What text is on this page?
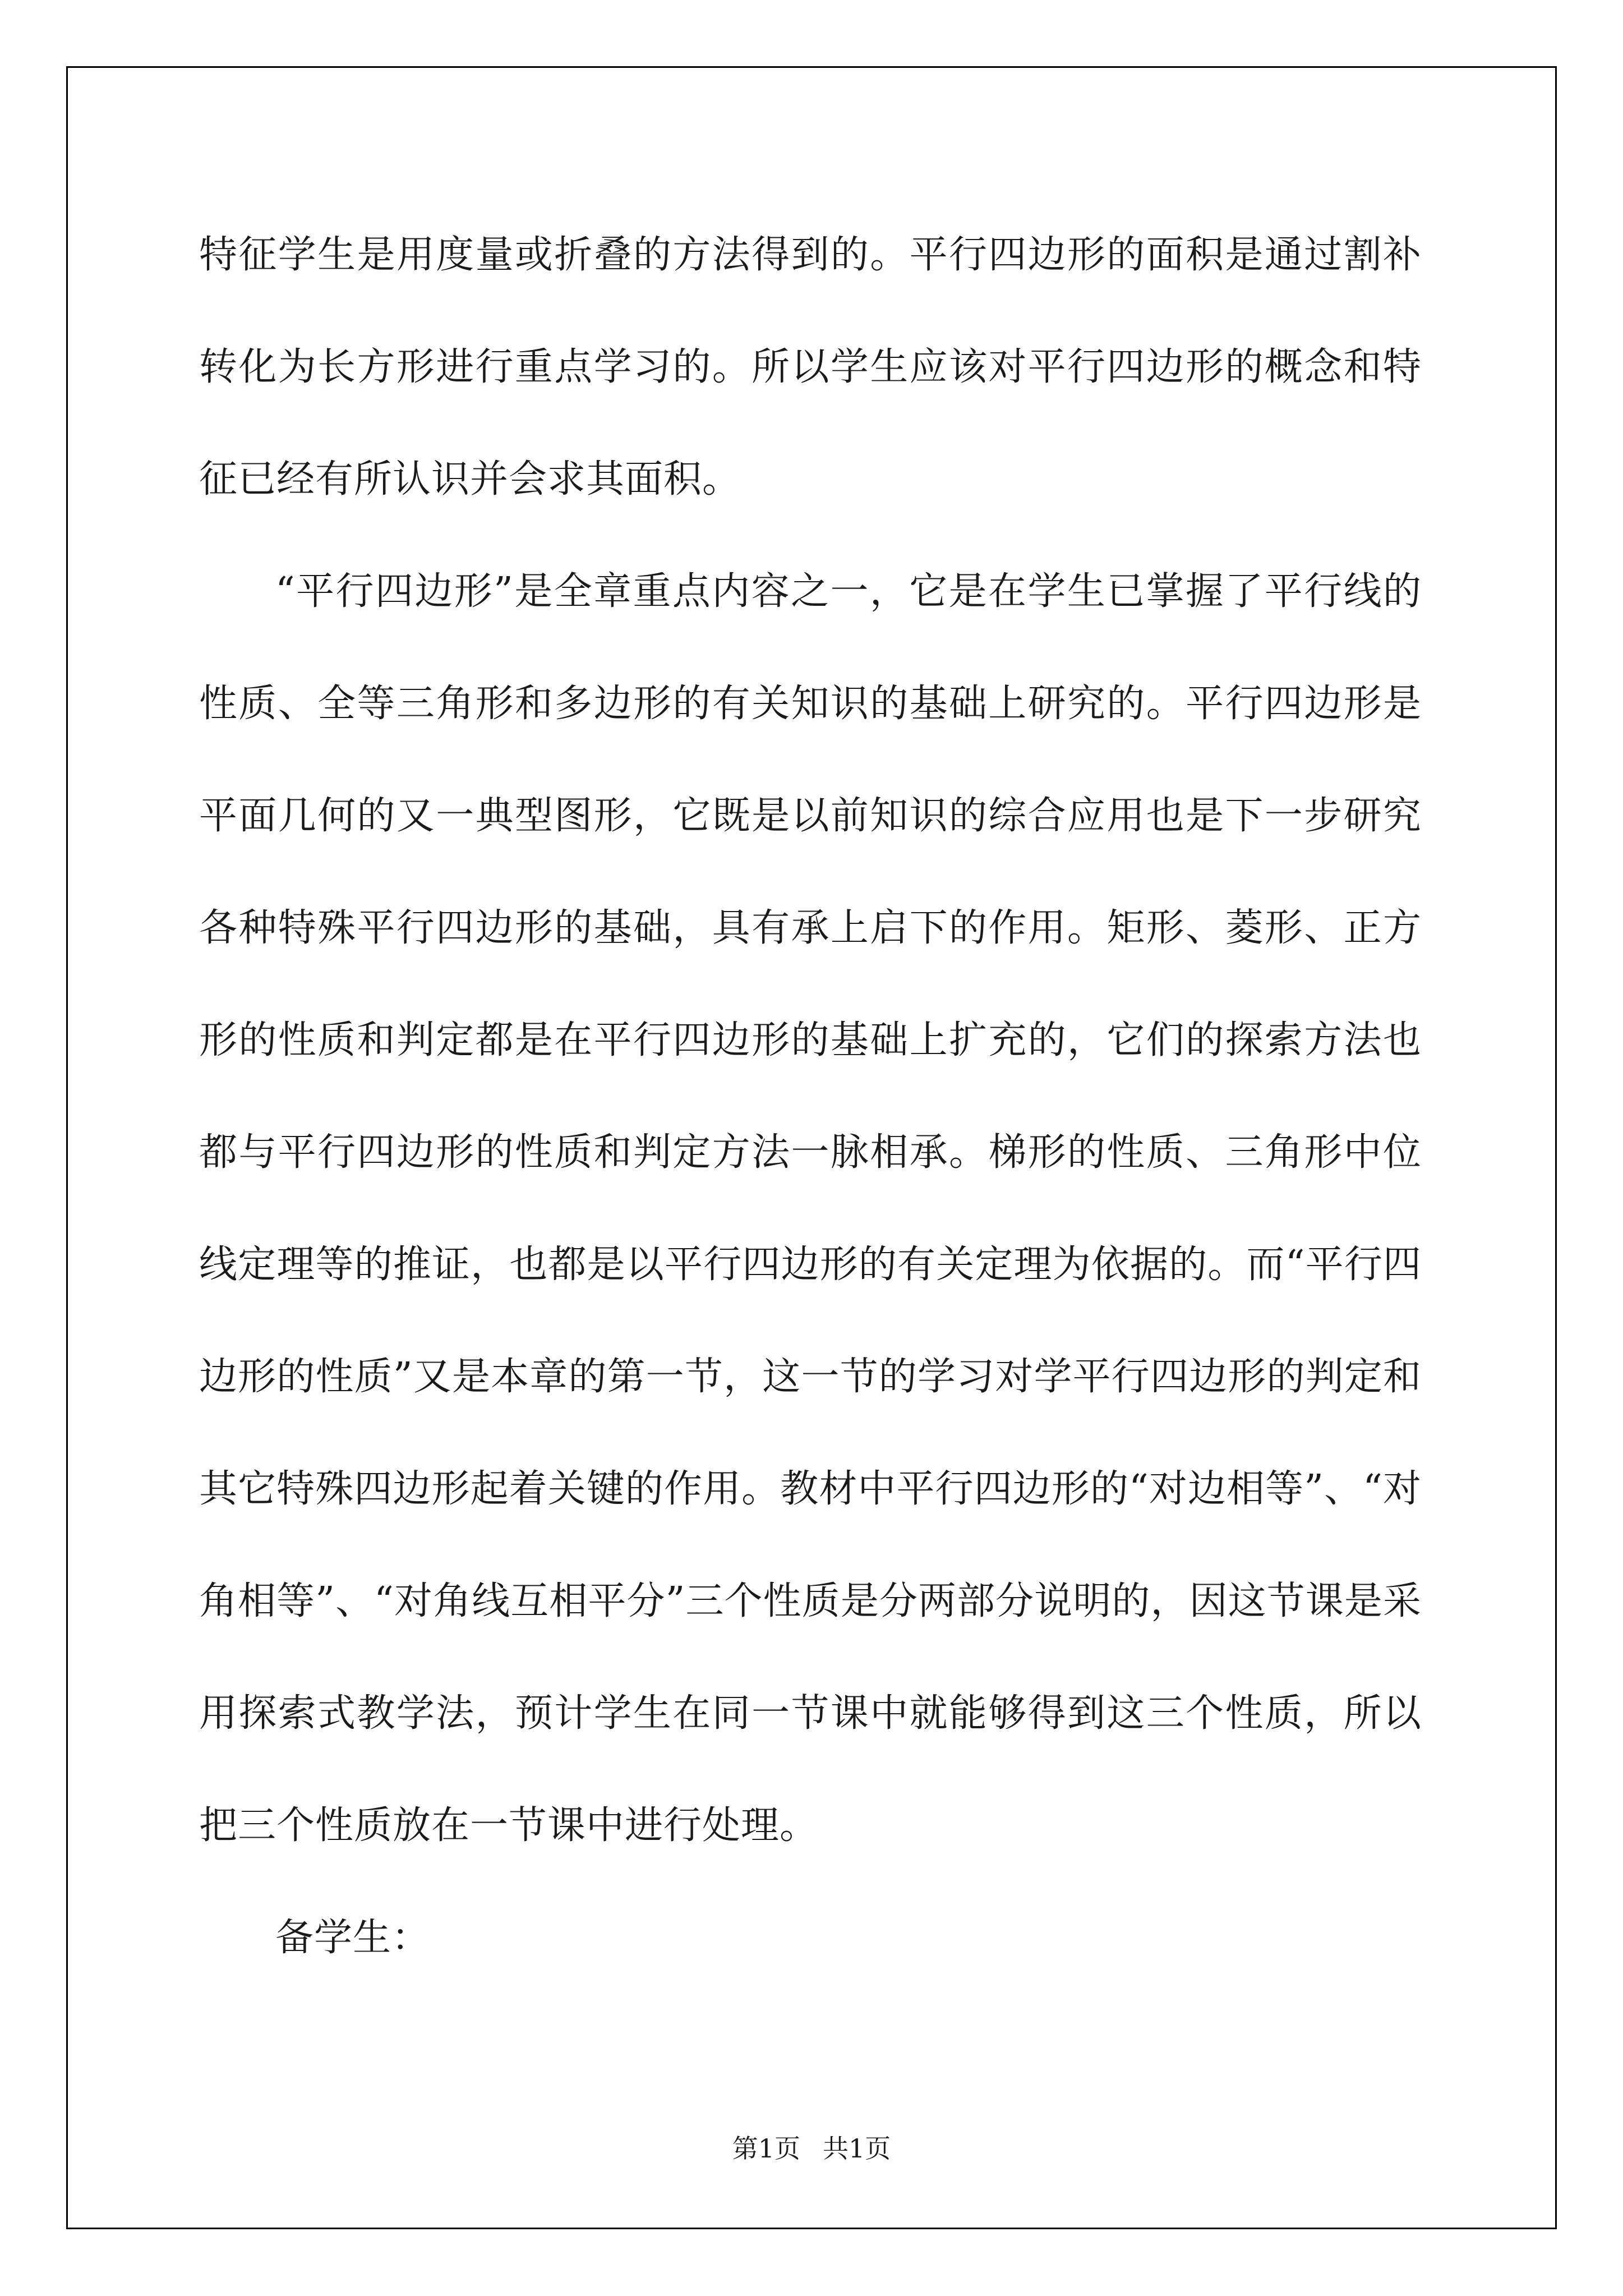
特征学生是用度量或折叠的方法得到的。平行四边形的面积是通过割补转化为长方形进行重点学习的。所以学生应该对平行四边形的概念和特征已经有所认识并会求其面积。

“平行四边形”是全章重点内容之一，它是在学生已掌握了平行线的性质、全等三角形和多边形的有关知识的基础上研究的。平行四边形是平面几何的又一典型图形，它既是以前知识的综合应用也是下一步研究各种特殊平行四边形的基础，具有承上启下的作用。矩形、菱形、正方形的性质和判定都是在平行四边形的基础上扩充的，它们的探索方法也都与平行四边形的性质和判定方法一脉相承。梯形的性质、三角形中位线定理等的推证，也都是以平行四边形的有关定理为依据的。而“平行四边形的性质”又是本章的第一节，这一节的学习对学平行四边形的判定和其它特殊四边形起着关键的作用。教材中平行四边形的“对边相等”、“对角相等”、“对角线互相平分”三个性质是分两部分说明的，因这节课是采用探索式教学法，预计学生在同一节课中就能够得到这三个性质，所以把三个性质放在一节课中进行处理。

备学生：

第1页 共1页
